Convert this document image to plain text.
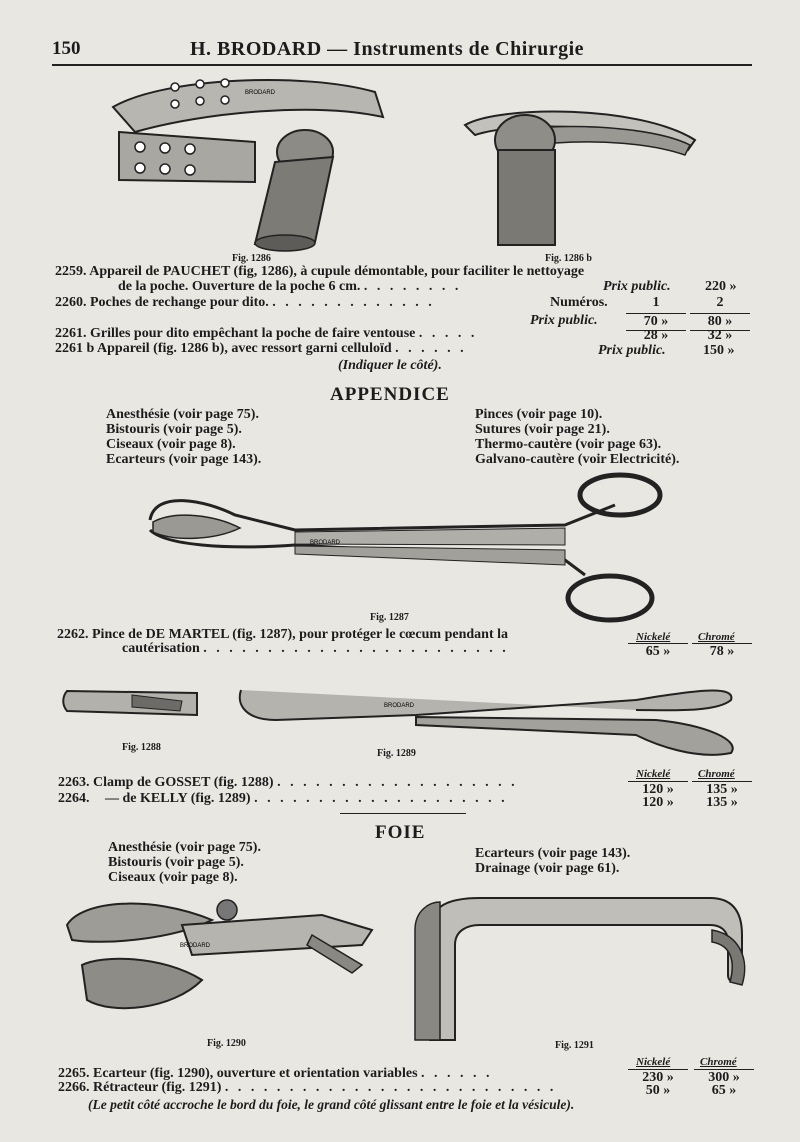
150	H. BRODARD — Instruments de Chirurgie
BRODARD
Fig. 1286	Fig. 1286 b
2259. Appareil de PAUCHET (fig, 1286), à cupule démontable, pour faciliter le nettoyage
de la poche. Ouverture de la poche 6 cm. . . . . . . . .	Prix public. 220 »
2260. Poches de rechange pour dito. . . . . . . . . . . . . .	Numéros.	1	2
Prix public.	70 »	80 »
2261. Grilles pour dito empêchant la poche de faire ventouse . . . . .	28 »	32 »
2261 b Appareil (fig. 1286 b), avec ressort garni celluloïd . . . . . .	Prix public.	150 »
(Indiquer le côté).
APPENDICE
Anesthésie (voir page 75).
Bistouris (voir page 5).
Ciseaux (voir page 8).
Ecarteurs (voir page 143).
Pinces (voir page 10).
Sutures (voir page 21).
Thermo-cautère (voir page 63).
Galvano-cautère (voir Electricité).
BRODARD
Fig. 1287
2262. Pince de DE MARTEL (fig. 1287), pour protéger le cœcum pendant la
cautérisation . . . . . . . . . . . . . . . . . . . . . . . .
Nickelé	Chromé
65 »	78 »
Fig. 1288
BRODARD
Fig. 1289
Nickelé	Chromé
2263. Clamp de GOSSET (fig. 1288) . . . . . . . . . . . . . . . . . . .
2264. — de KELLY (fig. 1289) . . . . . . . . . . . . . . . . . . . .
120 »	135 »
120 »	135 »
FOIE
Anesthésie (voir page 75).
Bistouris (voir page 5).
Ciseaux (voir page 8).
Ecarteurs (voir page 143).
Drainage (voir page 61).
BRODARD
Fig. 1290	Fig. 1291
Nickelé	Chromé
2265. Ecarteur (fig. 1290), ouverture et orientation variables . . . . . .
2266. Rétracteur (fig. 1291) . . . . . . . . . . . . . . . . . . . . . . . . . .
230 »	300 »
50 »	65 »
(Le petit côté accroche le bord du foie, le grand côté glissant entre le foie et la vésicule).
